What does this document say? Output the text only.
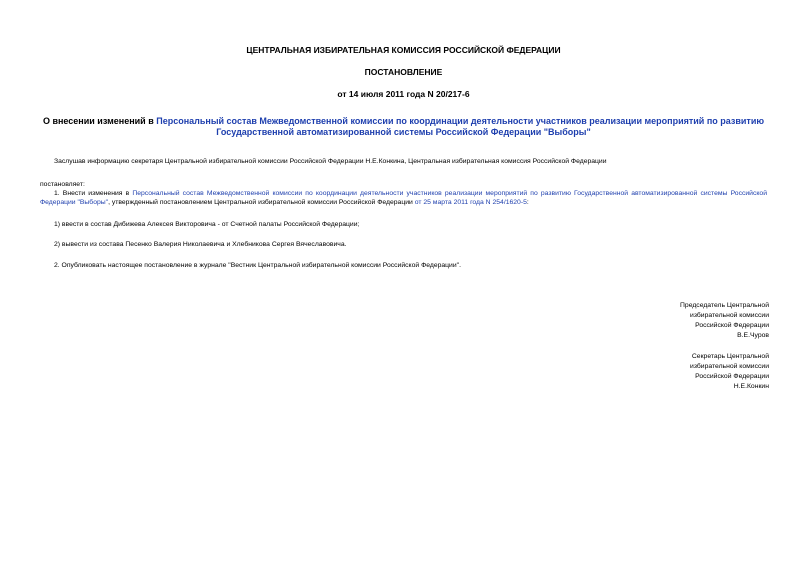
ЦЕНТРАЛЬНАЯ ИЗБИРАТЕЛЬНАЯ КОМИССИЯ РОССИЙСКОЙ ФЕДЕРАЦИИ
ПОСТАНОВЛЕНИЕ
от 14 июля 2011 года N 20/217-6
О внесении изменений в Персональный состав Межведомственной комиссии по координации деятельности участников реализации мероприятий по развитию Государственной автоматизированной системы Российской Федерации "Выборы"
Заслушав информацию секретаря Центральной избирательной комиссии Российской Федерации Н.Е.Конкина, Центральная избирательная комиссия Российской Федерации
постановляет:
1. Внести изменения в Персональный состав Межведомственной комиссии по координации деятельности участников реализации мероприятий по развитию Государственной автоматизированной системы Российской Федерации "Выборы", утвержденный постановлением Центральной избирательной комиссии Российской Федерации от 25 марта 2011 года N 254/1620-5:
1) ввести в состав Дибижева Алексея Викторовича - от Счетной палаты Российской Федерации;
2) вывести из состава Песенко Валерия Николаевича и Хлебникова Сергея Вячеславовича.
2. Опубликовать настоящее постановление в журнале "Вестник Центральной избирательной комиссии Российской Федерации".
Председатель Центральной
избирательной комиссии
Российской Федерации
В.Е.Чуров
Секретарь Центральной
избирательной комиссии
Российской Федерации
Н.Е.Конкин
